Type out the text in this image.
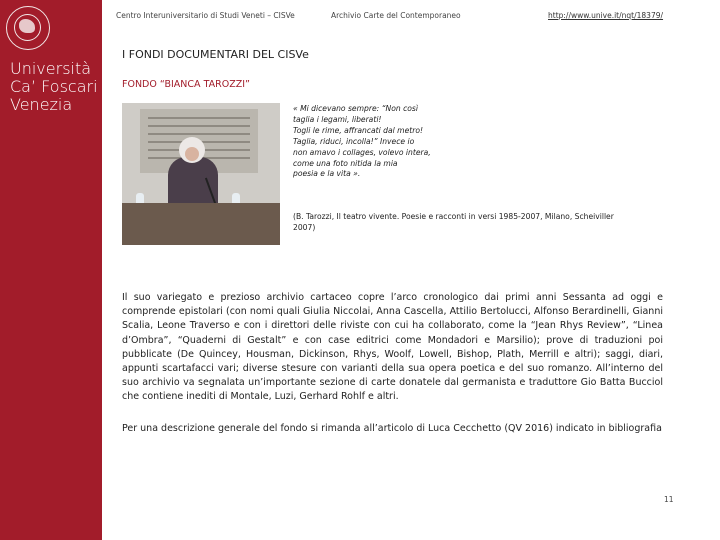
Università
Ca’ Foscari
Venezia
Centro Interuniversitario di Studi Veneti – CISVe	Archivio Carte del Contemporaneo	http://www.unive.it/nqt/18379/
I FONDI DOCUMENTARI DEL CISVe
FONDO “BIANCA TAROZZI”
« Mi dicevano sempre: “Non così
taglia i legami, liberati!
Togli le rime, affrancati dal metro!
Taglia, riduci, incolla!” Invece io
non amavo i collages, volevo intera,
come una foto nitida la mia
poesia e la vita ».
(B. Tarozzi, Il teatro vivente. Poesie e racconti in versi 1985-2007, Milano, Scheiviller
2007)

Il suo variegato e prezioso archivio cartaceo copre l’arco cronologico dai primi anni Sessanta ad oggi e comprende epistolari (con nomi quali Giulia Niccolai, Anna Cascella, Attilio Bertolucci, Alfonso Berardinelli, Gianni Scalia, Leone Traverso e con i direttori delle riviste con cui ha collaborato, come la “Jean Rhys Review”, “Linea d’Ombra”, “Quaderni di Gestalt” e con case editrici come Mondadori e Marsilio); prove di traduzioni poi pubblicate (De Quincey, Housman, Dickinson, Rhys, Woolf, Lowell, Bishop, Plath, Merrill e altri); saggi, diari, appunti scartafacci vari; diverse stesure con varianti della sua opera poetica e del suo romanzo. All’interno del suo archivio va segnalata un’importante sezione di carte donatele dal germanista e traduttore Gio Batta Bucciol che contiene inediti di Montale, Luzi, Gerhard Rohlf e altri.

Per una descrizione generale del fondo si rimanda all’articolo di Luca Cecchetto (QV 2016) indicato in bibliografia

11
